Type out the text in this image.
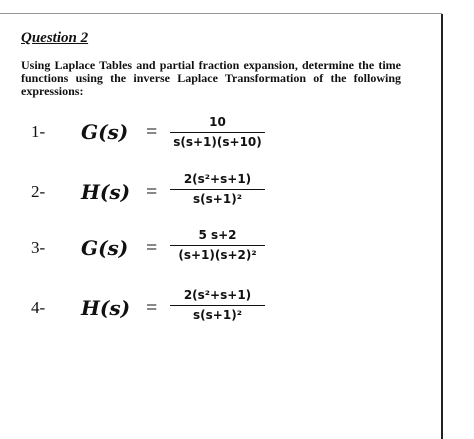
Question 2
Using Laplace Tables and partial fraction expansion, determine the time functions using the inverse Laplace Transformation of the following expressions:
1- $G(s) = \frac{10}{s(s+1)(s+10)}$
2- $H(s) = \frac{\text{2(s²+s+1)}}{\text{s(s+1)²}}$
3- $G(s) = \frac{5 s+2}{\text{(s+1)(s+2)²}}$
4- $H(s) = \frac{\text{2(s²+s+1)}}{\text{s(s+1)²}}$
